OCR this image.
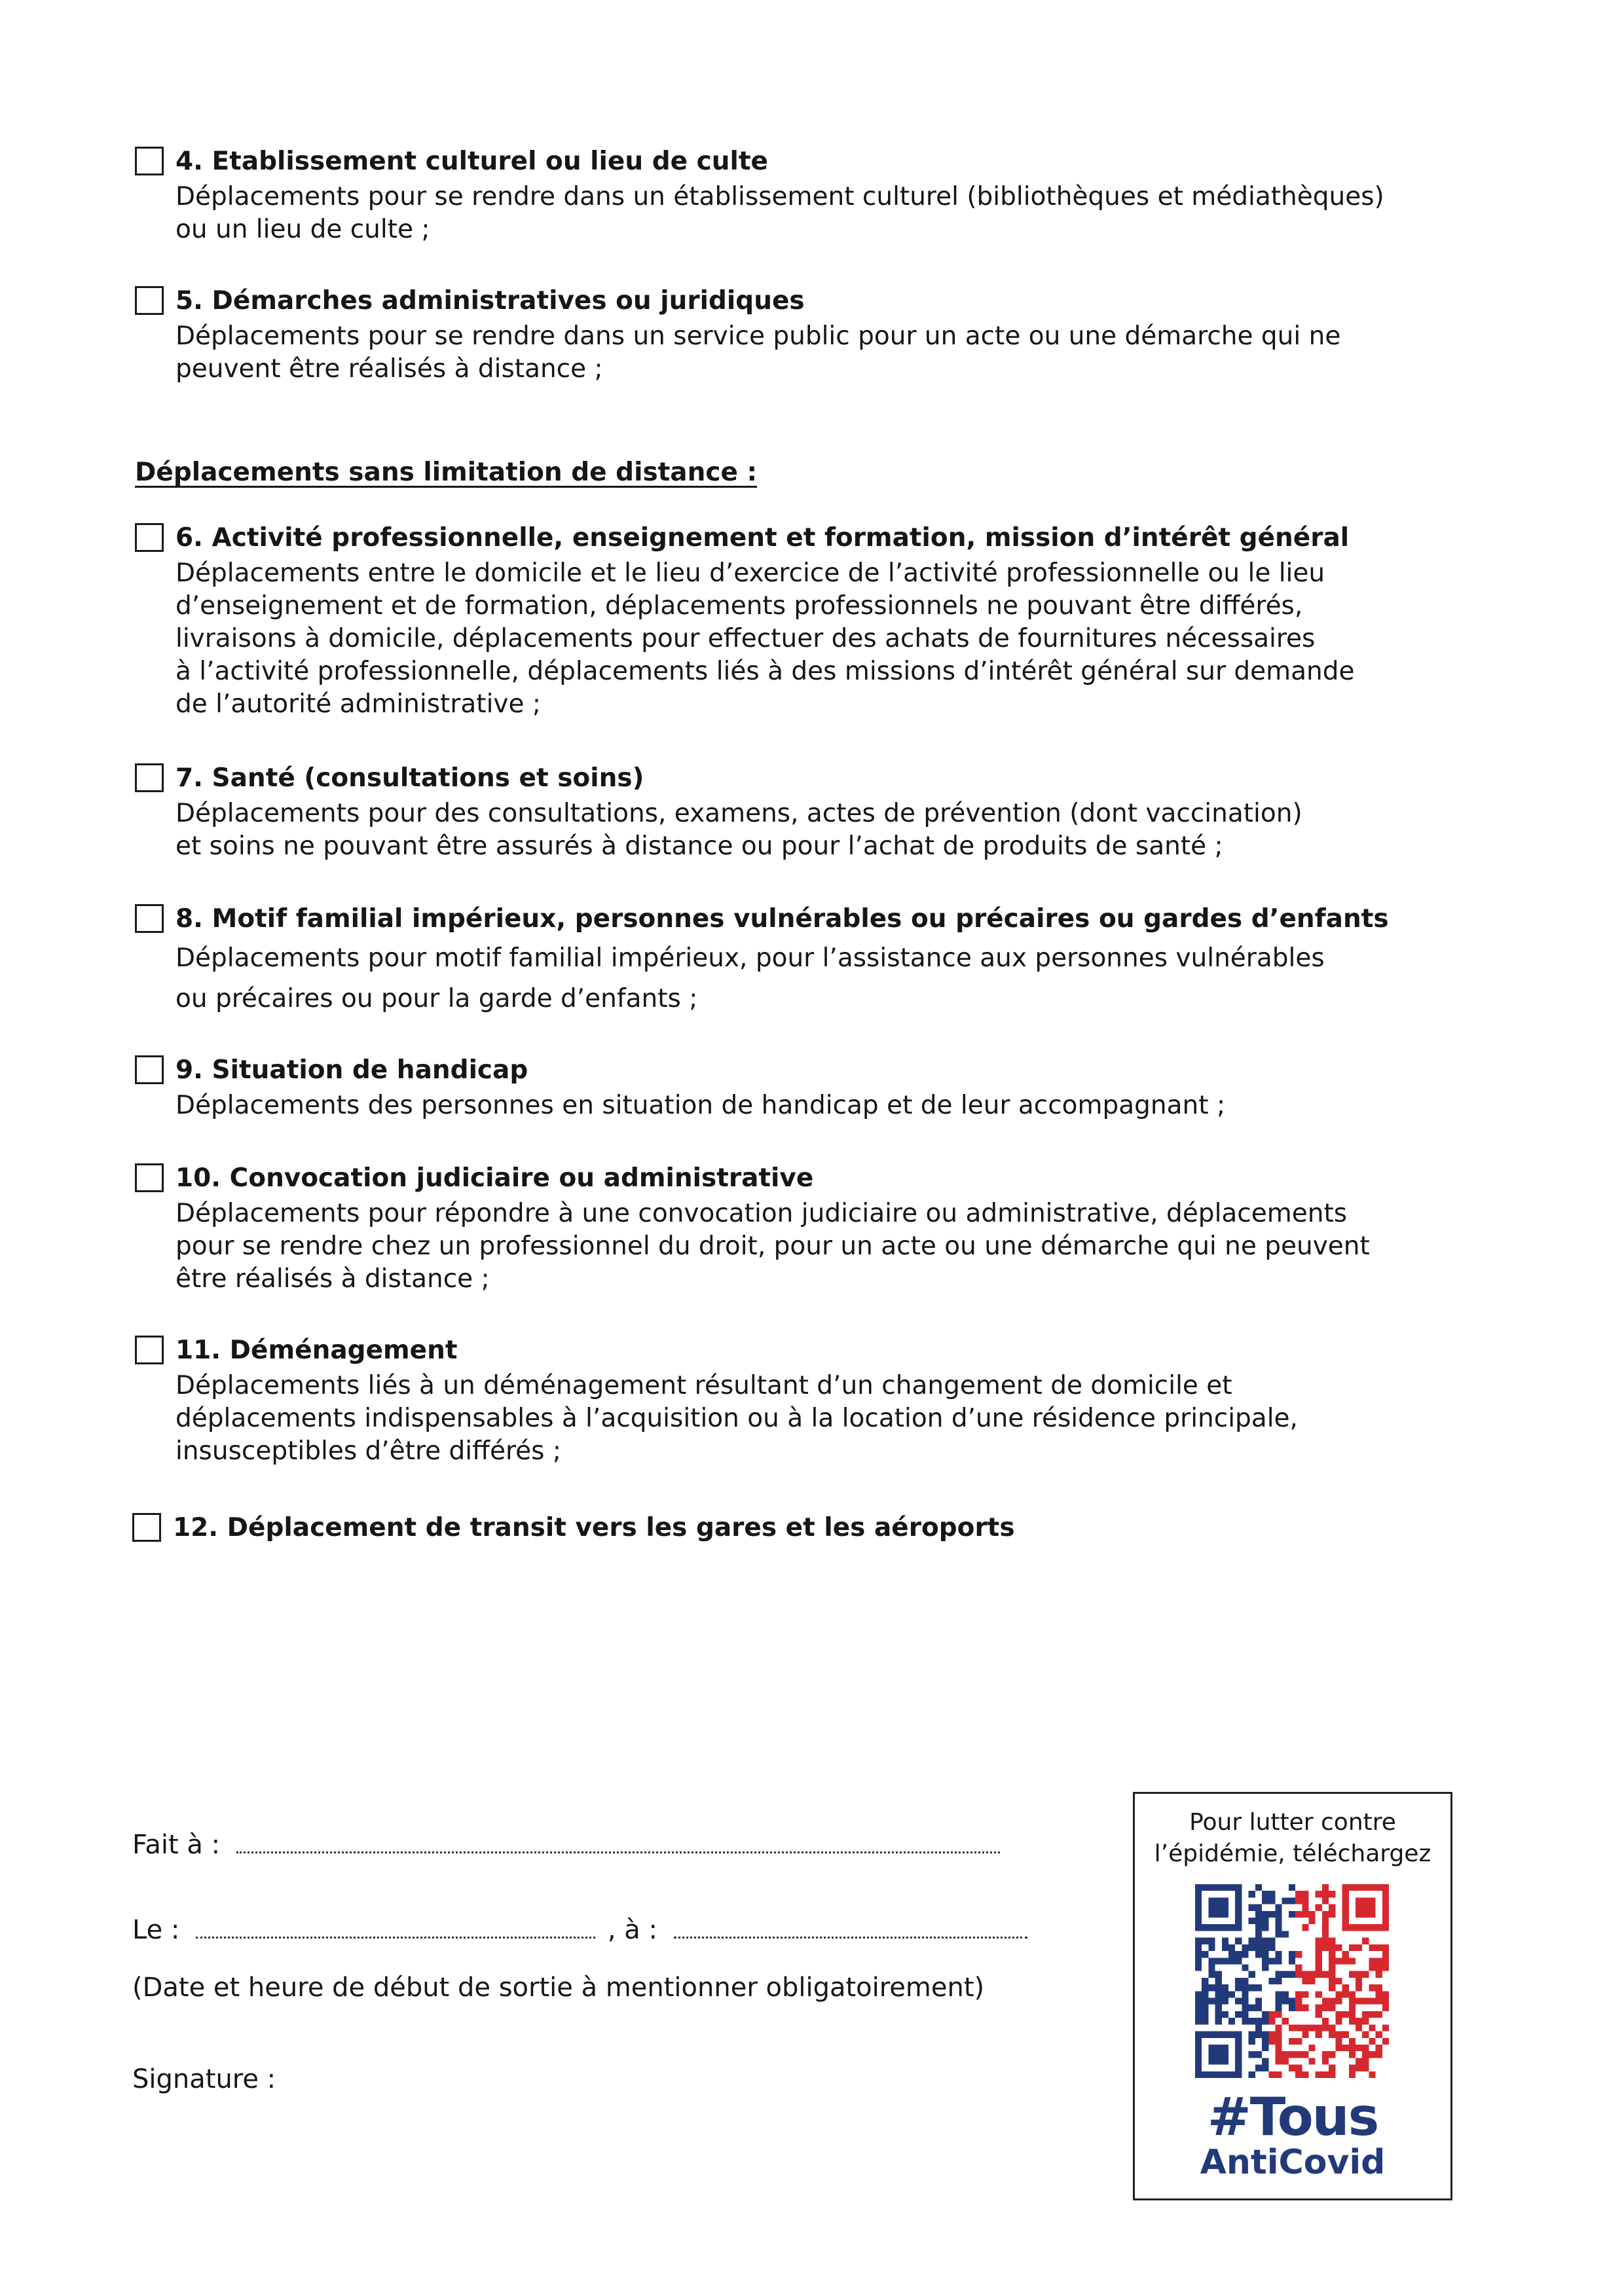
4. Etablissement culturel ou lieu de culte
Déplacements pour se rendre dans un établissement culturel (bibliothèques et médiathèques)
ou un lieu de culte ;
5. Démarches administratives ou juridiques
Déplacements pour se rendre dans un service public pour un acte ou une démarche qui ne
peuvent être réalisés à distance ;
Déplacements sans limitation de distance :
6. Activité professionnelle, enseignement et formation, mission d’intérêt général
Déplacements entre le domicile et le lieu d’exercice de l’activité professionnelle ou le lieu
d’enseignement et de formation, déplacements professionnels ne pouvant être différés,
livraisons à domicile, déplacements pour effectuer des achats de fournitures nécessaires
à l’activité professionnelle, déplacements liés à des missions d’intérêt général sur demande
de l’autorité administrative ;
7. Santé (consultations et soins)
Déplacements pour des consultations, examens, actes de prévention (dont vaccination)
et soins ne pouvant être assurés à distance ou pour l’achat de produits de santé ;
8. Motif familial impérieux, personnes vulnérables ou précaires ou gardes d’enfants
Déplacements pour motif familial impérieux, pour l’assistance aux personnes vulnérables
ou précaires ou pour la garde d’enfants ;
9. Situation de handicap
Déplacements des personnes en situation de handicap et de leur accompagnant ;
10. Convocation judiciaire ou administrative
Déplacements pour répondre à une convocation judiciaire ou administrative, déplacements
pour se rendre chez un professionnel du droit, pour un acte ou une démarche qui ne peuvent
être réalisés à distance ;
11. Déménagement
Déplacements liés à un déménagement résultant d’un changement de domicile et
déplacements indispensables à l’acquisition ou à la location d’une résidence principale,
insusceptibles d’être différés ;
12. Déplacement de transit vers les gares et les aéroports
Fait à :
Le :	, à :
(Date et heure de début de sortie à mentionner obligatoirement)
Signature :
Pour lutter contre
l’épidémie, téléchargez
#Tous
AntiCovid
